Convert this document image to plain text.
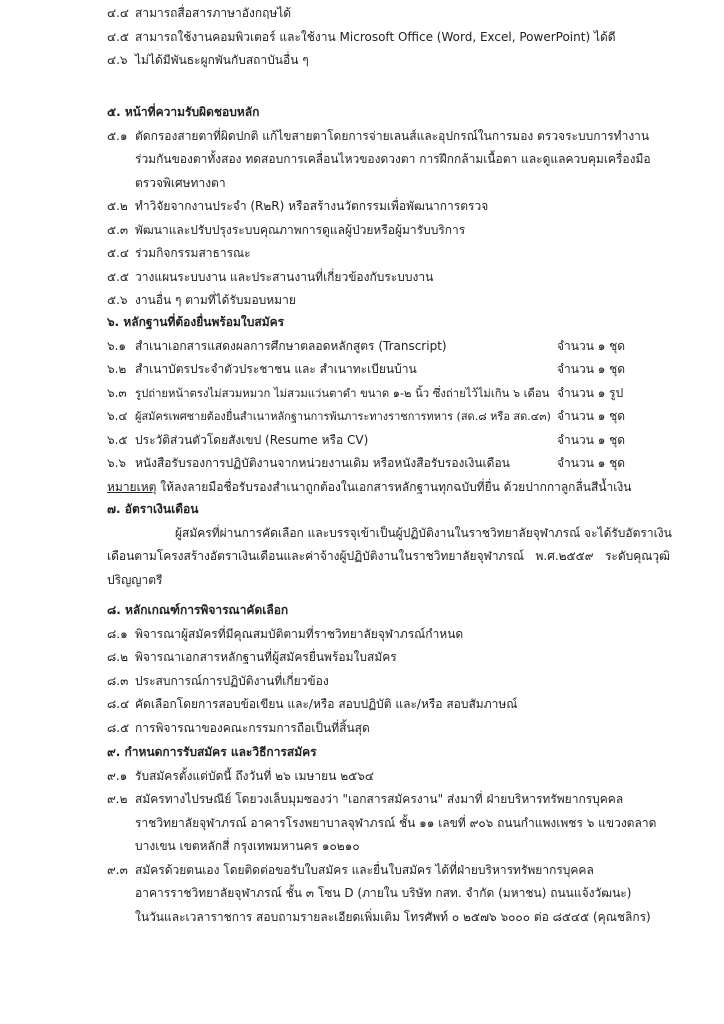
๔.๔ สามารถสื่อสารภาษาอังกฤษได้
๔.๕ สามารถใช้งานคอมพิวเตอร์ และใช้งาน Microsoft Office (Word, Excel, PowerPoint) ได้ดี
๔.๖ ไม่ได้มีพันธะผูกพันกับสถาบันอื่น ๆ
๕. หน้าที่ความรับผิดชอบหลัก
๕.๑ ตัดกรองสายตาที่ผิดปกติ แก้ไขสายตาโดยการจ่ายเลนส์และอุปกรณ์ในการมอง ตรวจระบบการทำงาน
ร่วมกันของตาทั้งสอง ทดสอบการเคลื่อนไหวของดวงตา การฝึกกล้ามเนื้อตา และดูแลควบคุมเครื่องมือ
ตรวจพิเศษทางตา
๕.๒ ทำวิจัยจากงานประจำ (R๒R) หรือสร้างนวัตกรรมเพื่อพัฒนาการตรวจ
๕.๓ พัฒนาและปรับปรุงระบบคุณภาพการดูแลผู้ป่วยหรือผู้มารับบริการ
๕.๔ ร่วมกิจกรรมสาธารณะ
๕.๕ วางแผนระบบงาน และประสานงานที่เกี่ยวข้องกับระบบงาน
๕.๖ งานอื่น ๆ ตามที่ได้รับมอบหมาย
๖. หลักฐานที่ต้องยื่นพร้อมใบสมัคร
๖.๑ สำเนาเอกสารแสดงผลการศึกษาตลอดหลักสูตร (Transcript)	จำนวน ๑ ชุด
๖.๒ สำเนาบัตรประจำตัวประชาชน และ สำเนาทะเบียนบ้าน	จำนวน ๑ ชุด
๖.๓ รูปถ่ายหน้าตรงไม่สวมหมวก ไม่สวมแว่นตาดำ ขนาด ๑-๒ นิ้ว ซึ่งถ่ายไว้ไม่เกิน ๖ เดือน จำนวน ๑ รูป
๖.๔ ผู้สมัครเพศชายต้องยื่นสำเนาหลักฐานการพ้นภาระทางราชการทหาร (สด.๘ หรือ สด.๔๓) จำนวน ๑ ชุด
๖.๕ ประวัติส่วนตัวโดยสังเขป (Resume หรือ CV)	จำนวน ๑ ชุด
๖.๖ หนังสือรับรองการปฏิบัติงานจากหน่วยงานเดิม หรือหนังสือรับรองเงินเดือน	จำนวน ๑ ชุด
หมายเหตุ ให้ลงลายมือชื่อรับรองสำเนาถูกต้องในเอกสารหลักฐานทุกฉบับที่ยื่น ด้วยปากกาลูกลื่นสีน้ำเงิน
๗. อัตราเงินเดือน
ผู้สมัครที่ผ่านการคัดเลือก และบรรจุเข้าเป็นผู้ปฏิบัติงานในราชวิทยาลัยจุฬาภรณ์ จะได้รับอัตราเงิน
เดือนตามโครงสร้างอัตราเงินเดือนและค่าจ้างผู้ปฏิบัติงานในราชวิทยาลัยจุฬาภรณ์   พ.ศ.๒๕๕๙   ระดับคุณวุฒิ
ปริญญาตรี
๘. หลักเกณฑ์การพิจารณาคัดเลือก
๘.๑ พิจารณาผู้สมัครที่มีคุณสมบัติตามที่ราชวิทยาลัยจุฬาภรณ์กำหนด
๘.๒ พิจารณาเอกสารหลักฐานที่ผู้สมัครยื่นพร้อมใบสมัคร
๘.๓ ประสบการณ์การปฏิบัติงานที่เกี่ยวข้อง
๘.๔ คัดเลือกโดยการสอบข้อเขียน และ/หรือ สอบปฏิบัติ และ/หรือ สอบสัมภาษณ์
๘.๕ การพิจารณาของคณะกรรมการถือเป็นที่สิ้นสุด
๙. กำหนดการรับสมัคร และวิธีการสมัคร
๙.๑ รับสมัครตั้งแต่บัดนี้ ถึงวันที่ ๒๖ เมษายน ๒๕๖๔
๙.๒ สมัครทางไปรษณีย์ โดยวงเล็บมุมซองว่า "เอกสารสมัครงาน" ส่งมาที่ ฝ่ายบริหารทรัพยากรบุคคล
ราชวิทยาลัยจุฬาภรณ์ อาคารโรงพยาบาลจุฬาภรณ์ ชั้น ๑๑ เลขที่ ๙๐๖ ถนนกำแพงเพชร ๖ แขวงตลาด
บางเขน เขตหลักสี่ กรุงเทพมหานคร ๑๐๒๑๐
๙.๓ สมัครด้วยตนเอง โดยติดต่อขอรับใบสมัคร และยื่นใบสมัคร ได้ที่ฝ่ายบริหารทรัพยากรบุคคล
อาคารราชวิทยาลัยจุฬาภรณ์ ชั้น ๓ โซน D (ภายใน บริษัท กสท. จำกัด (มหาชน) ถนนแจ้งวัฒนะ)
ในวันและเวลาราชการ สอบถามรายละเอียดเพิ่มเติม โทรศัพท์ ๐ ๒๕๗๖ ๖๐๐๐ ต่อ ๘๕๔๕ (คุณชลิกร)
